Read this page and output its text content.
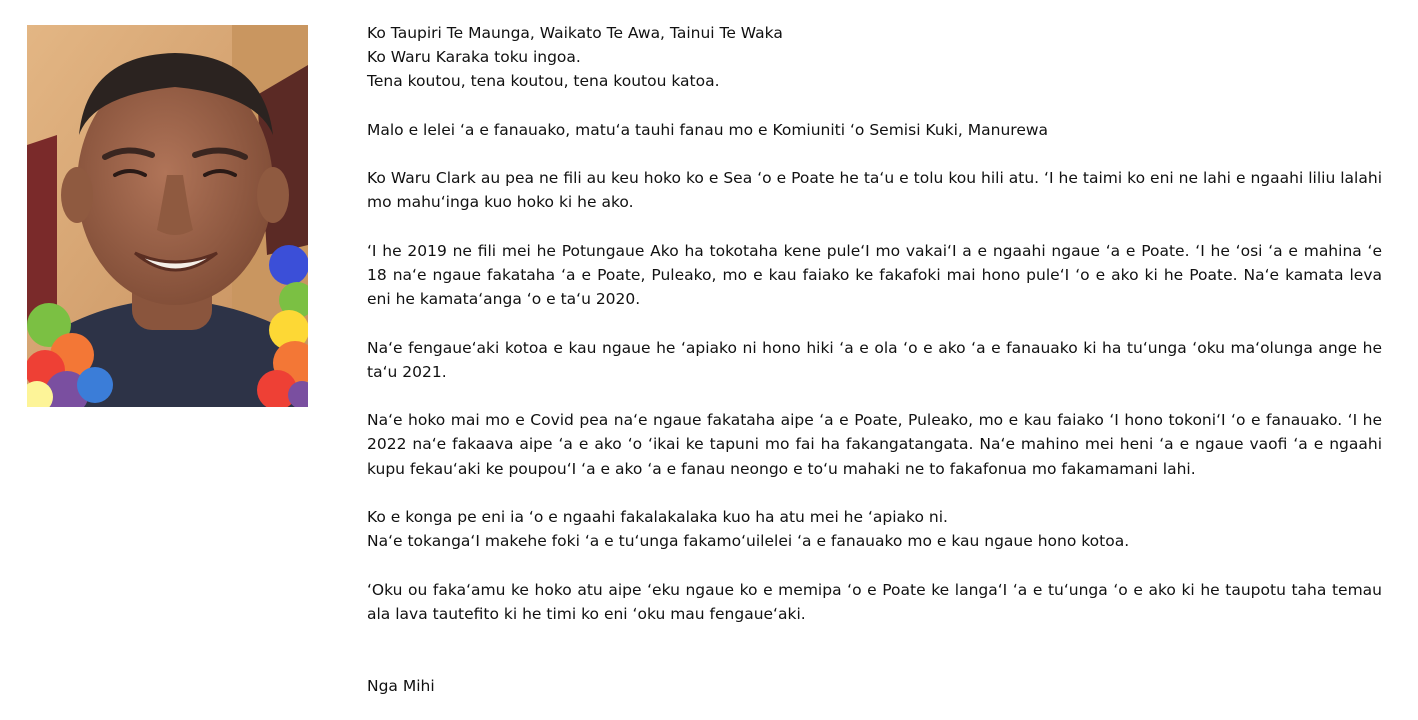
Ko Taupiri Te Maunga, Waikato Te Awa, Tainui Te Waka
Ko Waru Karaka toku ingoa.
Tena koutou, tena koutou, tena koutou katoa.

Malo e lelei ʻa e fanauako, matuʻa tauhi fanau mo e Komiuniti ʻo Semisi Kuki, Manurewa

Ko Waru Clark au pea ne fili au keu hoko ko e Sea ʻo e Poate he taʻu e tolu kou hili atu. ʻI he taimi ko eni ne lahi e ngaahi liliu lalahi mo mahuʻinga kuo hoko ki he ako.

ʻI he 2019 ne fili mei he Potungaue Ako ha tokotaha kene puleʻI mo vakaiʻI a e ngaahi ngaue ʻa e Poate. ʻI he ʻosi ʻa e mahina ʻe 18 naʻe ngaue fakataha ʻa e Poate, Puleako, mo e kau faiako ke fakafoki mai hono puleʻI ʻo e ako ki he Poate. Naʻe kamata leva eni he kamataʻanga ʻo e taʻu 2020.

Naʻe fengaueʻaki kotoa e kau ngaue he ʻapiako ni hono hiki ʻa e ola ʻo e ako ʻa e fanauako ki ha tuʻunga ʻoku maʻolunga ange he taʻu 2021.

Naʻe hoko mai mo e Covid pea naʻe ngaue fakataha aipe ʻa e Poate, Puleako, mo e kau faiako ʻI hono tokoniʻI ʻo e fanauako. ʻI he 2022 naʻe fakaava aipe ʻa e ako ʻo ʻikai ke tapuni mo fai ha fakangatangata. Naʻe mahino mei heni ʻa e ngaue vaofi ʻa e ngaahi kupu fekauʻaki ke poupouʻI ʻa e ako ʻa e fanau neongo e toʻu mahaki ne to fakafonua mo fakamamani lahi.

Ko e konga pe eni ia ʻo e ngaahi fakalakalaka kuo ha atu mei he ʻapiako ni.
Naʻe tokangaʻI makehe foki ʻa e tuʻunga fakamoʻuilelei ʻa e fanauako mo e kau ngaue hono kotoa.

ʻOku ou fakaʻamu ke hoko atu aipe ʻeku ngaue ko e memipa ʻo e Poate ke langaʻI ʻa e tuʻunga ʻo e ako ki he taupotu taha temau ala lava tautefito ki he timi ko eni ʻoku mau fengaueʻaki.

Nga Mihi
